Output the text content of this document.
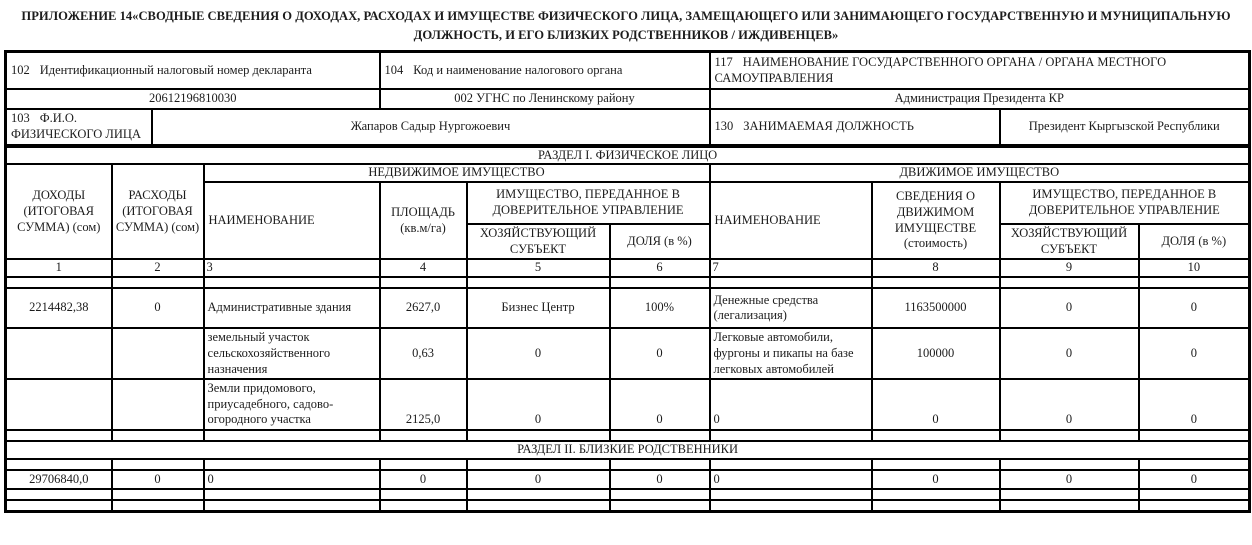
ПРИЛОЖЕНИЕ 14«СВОДНЫЕ СВЕДЕНИЯ О ДОХОДАХ, РАСХОДАХ И ИМУЩЕСТВЕ ФИЗИЧЕСКОГО ЛИЦА, ЗАМЕЩАЮЩЕГО ИЛИ ЗАНИМАЮЩЕГО ГОСУДАРСТВЕННУЮ И МУНИЦИПАЛЬНУЮ ДОЛЖНОСТЬ, И ЕГО БЛИЗКИХ РОДСТВЕННИКОВ / ИЖДИВЕНЦЕВ»
102 Идентификационный налоговый номер декларанта		104 Код и наименование налогового органа	117 НАИМЕНОВАНИЕ ГОСУДАРСТВЕННОГО ОРГАНА / ОРГАНА МЕСТНОГО САМОУПРАВЛЕНИЯ	
20612196810030		002 УГНС по Ленинскому району	Администрация Президента КР	
103 Ф.И.О. ФИЗИЧЕСКОГО ЛИЦА	Жапаров Садыр Нургожоевич		130 ЗАНИМАЕМАЯ ДОЛЖНОСТЬ	Президент Кыргызской Республики
РАЗДЕЛ I. ФИЗИЧЕСКОЕ ЛИЦО									
ДОХОДЫ (ИТОГОВАЯ СУММА) (сом)	РАСХОДЫ (ИТОГОВАЯ СУММА) (сом)	НЕДВИЖИМОЕ ИМУЩЕСТВО				ДВИЖИМОЕ ИМУЩЕСТВО			
		НАИМЕНОВАНИЕ	ПЛОЩАДЬ (кв.м/га)	ИМУЩЕСТВО, ПЕРЕДАННОЕ В ДОВЕРИТЕЛЬНОЕ УПРАВЛЕНИЕ		НАИМЕНОВАНИЕ	СВЕДЕНИЯ О ДВИЖИМОМ ИМУЩЕСТВЕ (стоимость)	ИМУЩЕСТВО, ПЕРЕДАННОЕ В ДОВЕРИТЕЛЬНОЕ УПРАВЛЕНИЕ	
				ХОЗЯЙСТВУЮЩИЙ СУБЪЕКТ	ДОЛЯ (в %)			ХОЗЯЙСТВУЮЩИЙ СУБЪЕКТ	ДОЛЯ (в %)
1	2	3	4	5	6	7	8	9	10

2214482,38	0	Административные здания	2627,0	Бизнес Центр	100%	Денежные средства (легализация)	1163500000	0	0
		земельный участок сельскохозяйственного назначения	0,63	0	0	Легковые автомобили, фургоны и пикапы на базе легковых автомобилей	100000	0	0
		Земли придомового, приусадебного, садово-огородного участка	2125,0	0	0	0	0	0	0

РАЗДЕЛ II. БЛИЗКИЕ РОДСТВЕННИКИ									

29706840,0	0	0	0	0	0	0	0	0	0
